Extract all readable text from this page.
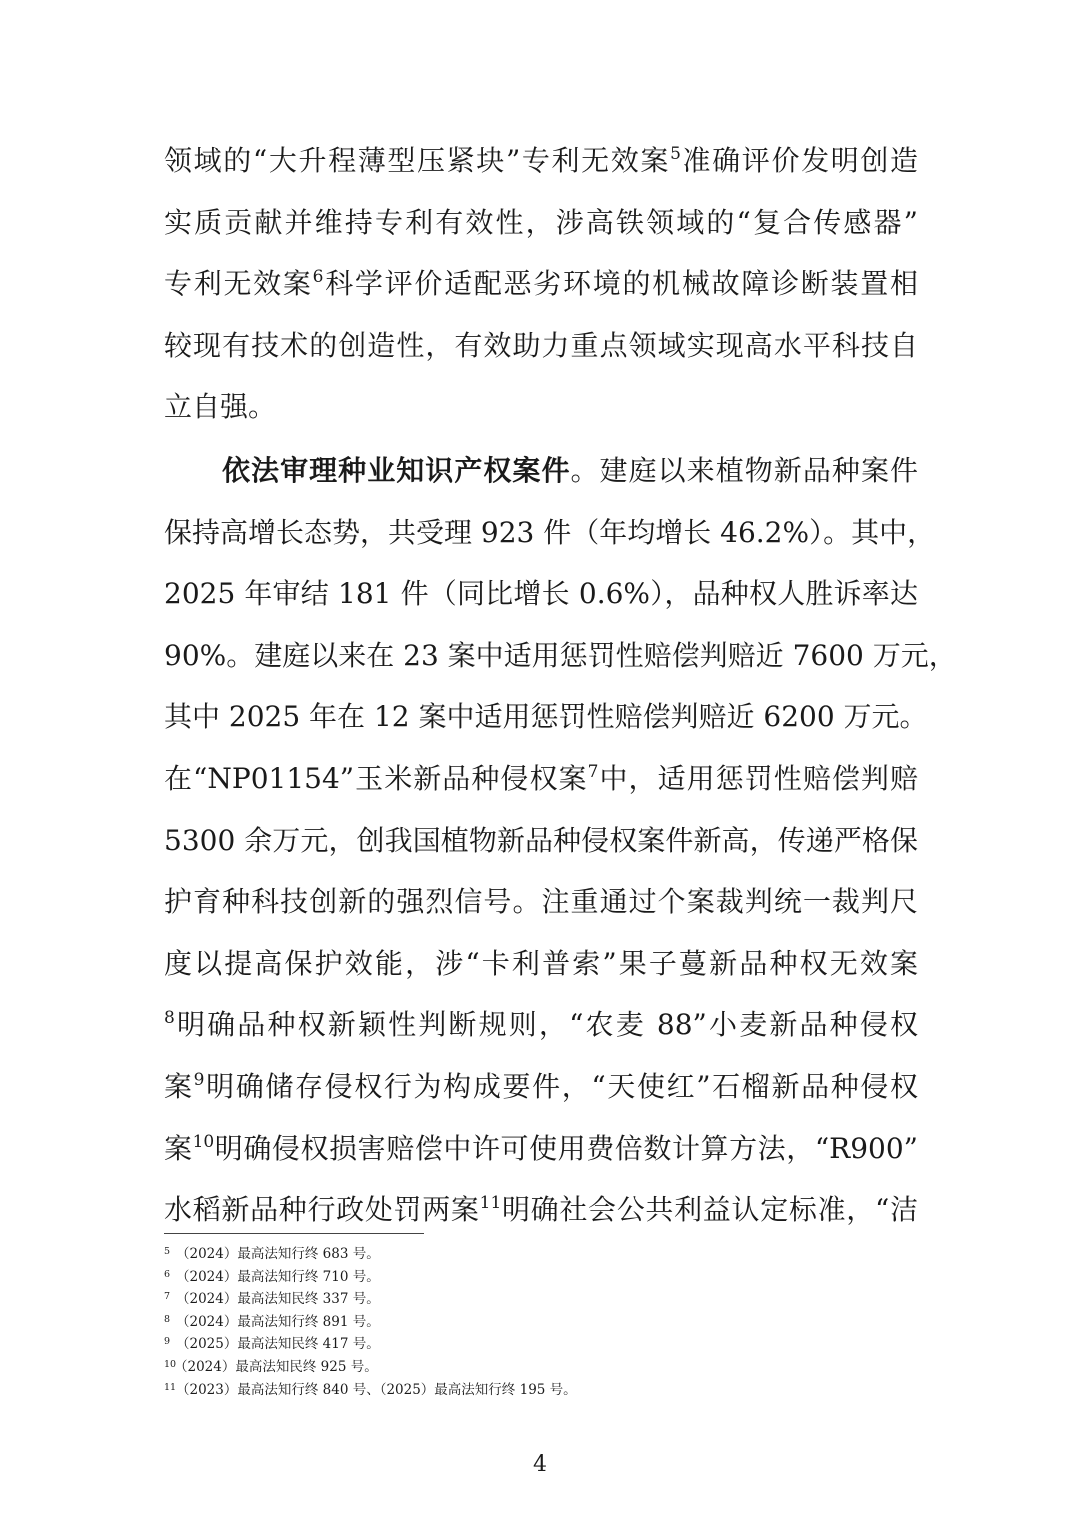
领域的“大升程薄型压紧块”专利无效案$^5$准确评价发明创造
实质贡献并维持专利有效性，涉高铁领域的“复合传感器”
专利无效案$^6$科学评价适配恶劣环境的机械故障诊断装置相
较现有技术的创造性，有效助力重点领域实现高水平科技自
立自强。
依法审理种业知识产权案件。建庭以来植物新品种案件
保持高增长态势，共受理 923 件（年均增长 46.2%）。其中，
2025 年审结 181 件（同比增长 0.6%），品种权人胜诉率达
90%。建庭以来在 23 案中适用惩罚性赔偿判赔近 7600 万元，
其中 2025 年在 12 案中适用惩罚性赔偿判赔近 6200 万元。
在“NP01154”玉米新品种侵权案$^7$中，适用惩罚性赔偿判赔
5300 余万元，创我国植物新品种侵权案件新高，传递严格保
护育种科技创新的强烈信号。注重通过个案裁判统一裁判尺
度以提高保护效能，涉“卡利普索”果子蔓新品种权无效案
$^8$明确品种权新颖性判断规则，“农麦 88”小麦新品种侵权
案$^9$明确储存侵权行为构成要件，“天使红”石榴新品种侵权
案$^{10}$明确侵权损害赔偿中许可使用费倍数计算方法，“R900”
水稻新品种行政处罚两案$^{11}$明确社会公共利益认定标准，“洁
5 （2024）最高法知行终 683 号。
6 （2024）最高法知行终 710 号。
7 （2024）最高法知民终 337 号。
8 （2024）最高法知行终 891 号。
9 （2025）最高法知民终 417 号。
10（2024）最高法知民终 925 号。
11（2023）最高法知行终 840 号、（2025）最高法知行终 195 号。
4
